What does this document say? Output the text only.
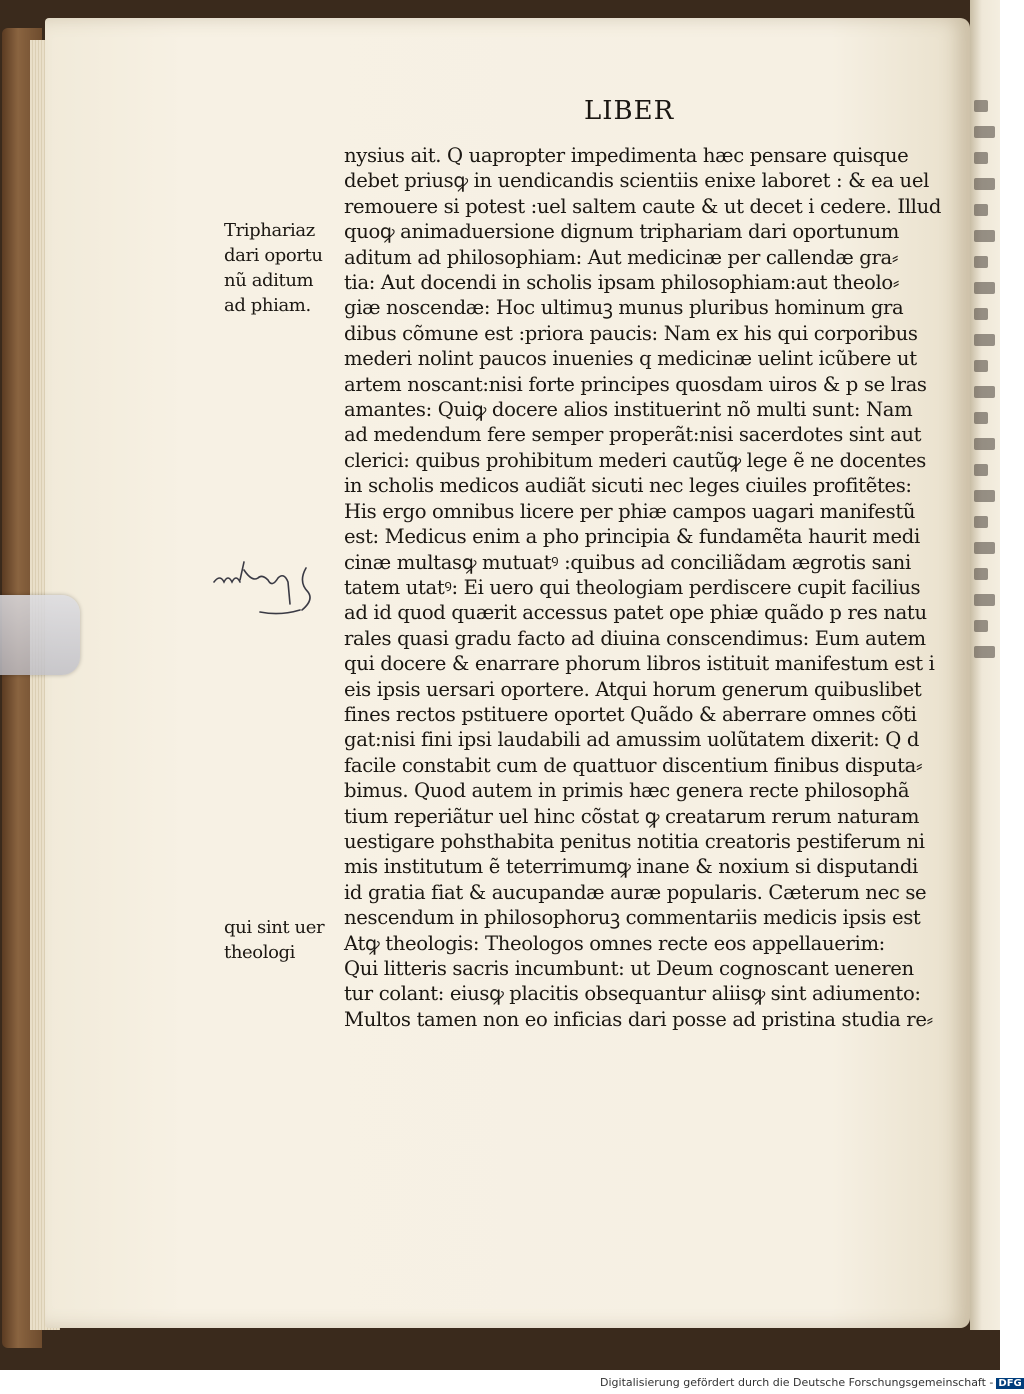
LIBER
Triphariaz
dari oportu
nũ aditum
ad phiam.
qui sint uer
theologi
nysius ait. Q uapropter impedimenta hæc pensare quisque
debet priusꝙ in uendicandis scientiis enixe laboret : & ea uel
remouere si potest :uel saltem caute & ut decet i cedere. Illud
quoꝙ animaduersione dignum triphariam dari oportunum
aditum ad philosophiam: Aut medicinæ per callendæ gra⸗
tia: Aut docendi in scholis ipsam philosophiam:aut theolo⸗
giæ noscendæ: Hoc ultimuꝫ munus pluribus hominum gra
dibus cõmune est :priora paucis: Nam ex his qui corporibus
mederi nolint paucos inuenies q medicinæ uelint icũbere ut
artem noscant:nisi forte principes quosdam uiros & p se lras
amantes: Quiꝙ docere alios instituerint nõ multi sunt: Nam
ad medendum fere semper properãt:nisi sacerdotes sint aut
clerici: quibus prohibitum mederi cautũꝙ lege ẽ ne docentes
in scholis medicos audiãt sicuti nec leges ciuiles profitẽtes:
His ergo omnibus licere per phiæ campos uagari manifestũ
est: Medicus enim a pho principia & fundamẽta haurit medi
cinæ multasꝙ mutuatꝰ :quibus ad conciliãdam ægrotis sani
tatem utatꝰ: Ei uero qui theologiam perdiscere cupit facilius
ad id quod quærit accessus patet ope phiæ quãdo p res natu
rales quasi gradu facto ad diuina conscendimus: Eum autem
qui docere & enarrare phorum libros istituit manifestum est i
eis ipsis uersari oportere. Atqui horum generum quibuslibet
fines rectos pstituere oportet Quãdo & aberrare omnes cõti
gat:nisi fini ipsi laudabili ad amussim uolũtatem dixerit: Q d
facile constabit cum de quattuor discentium finibus disputa⸗
bimus. Quod autem in primis hæc genera recte philosophã
tium reperiãtur uel hinc cõstat ꝙ creatarum rerum naturam
uestigare pohsthabita penitus notitia creatoris pestiferum ni
mis institutum ẽ teterrimumꝙ inane & noxium si disputandi
id gratia fiat & aucupandæ auræ popularis. Cæterum nec se
nescendum in philosophoruꝫ commentariis medicis ipsis est
Atꝙ theologis: Theologos omnes recte eos appellauerim:
Qui litteris sacris incumbunt: ut Deum cognoscant ueneren
tur colant: eiusꝙ placitis obsequantur aliisꝙ sint adiumento:
Multos tamen non eo inficias dari posse ad pristina studia re⸗
Digitalisierung gefördert durch die Deutsche Forschungsgemeinschaft - DFG
